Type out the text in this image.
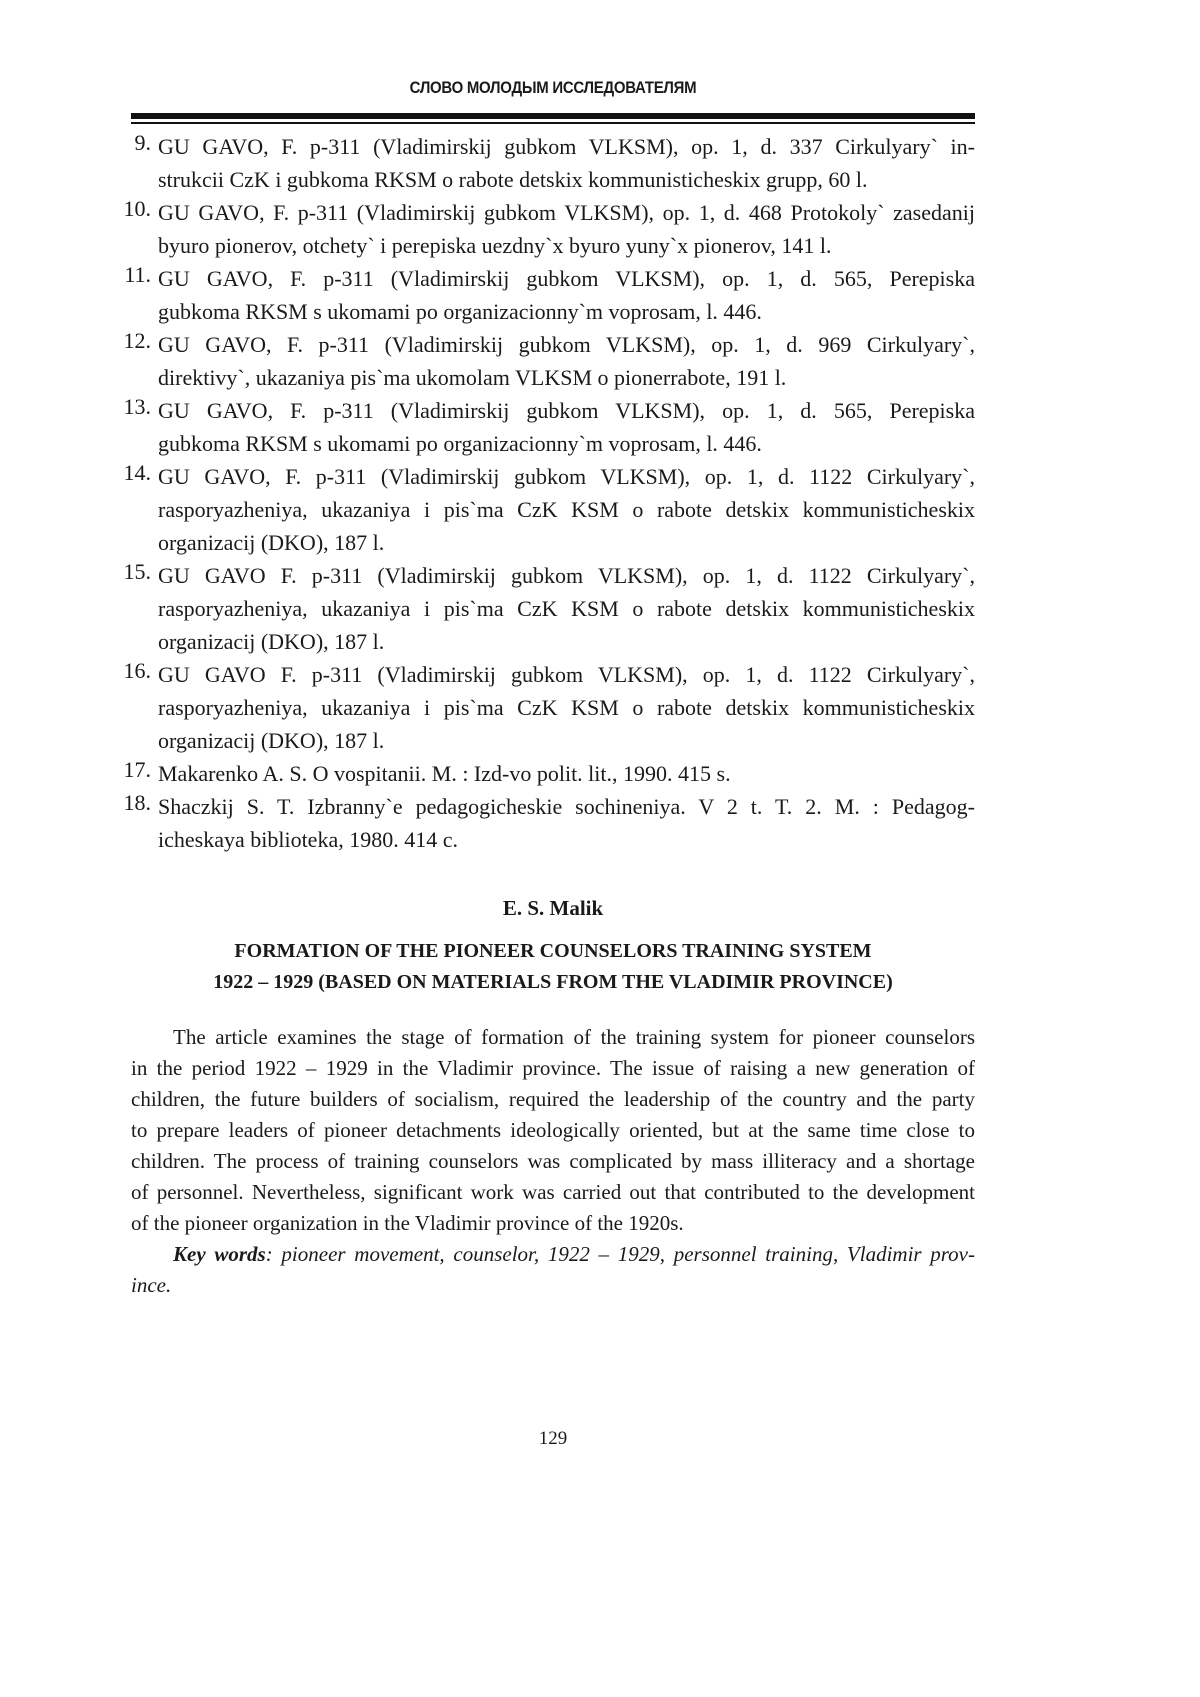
СЛОВО МОЛОДЫМ ИССЛЕДОВАТЕЛЯМ
9. GU GAVO, F. p-311 (Vladimirskij gubkom VLKSM), op. 1, d. 337 Cirkulyary` in-
strukcii CzK i gubkoma RKSM o rabote detskix kommunisticheskix grupp, 60 l.
10. GU GAVO, F. p-311 (Vladimirskij gubkom VLKSM), op. 1, d. 468 Protokoly` zasedanij
byuro pionerov, otchety` i perepiska uezdny`x byuro yuny`x pionerov, 141 l.
11. GU GAVO, F. p-311 (Vladimirskij gubkom VLKSM), op. 1, d. 565, Perepiska
gubkoma RKSM s ukomami po organizacionny`m voprosam, l. 446.
12. GU GAVO, F. p-311 (Vladimirskij gubkom VLKSM), op. 1, d. 969 Cirkulyary`,
direktivy`, ukazaniya pis`ma ukomolam VLKSM o pionerrabote, 191 l.
13. GU GAVO, F. p-311 (Vladimirskij gubkom VLKSM), op. 1, d. 565, Perepiska
gubkoma RKSM s ukomami po organizacionny`m voprosam, l. 446.
14. GU GAVO, F. p-311 (Vladimirskij gubkom VLKSM), op. 1, d. 1122 Cirkulyary`,
rasporyazheniya, ukazaniya i pis`ma CzK KSM o rabote detskix kommunisticheskix
organizacij (DKO), 187 l.
15. GU GAVO F. p-311 (Vladimirskij gubkom VLKSM), op. 1, d. 1122 Cirkulyary`,
rasporyazheniya, ukazaniya i pis`ma CzK KSM o rabote detskix kommunisticheskix
organizacij (DKO), 187 l.
16. GU GAVO F. p-311 (Vladimirskij gubkom VLKSM), op. 1, d. 1122 Cirkulyary`,
rasporyazheniya, ukazaniya i pis`ma CzK KSM o rabote detskix kommunisticheskix
organizacij (DKO), 187 l.
17. Makarenko A. S. O vospitanii. M. : Izd-vo polit. lit., 1990. 415 s.
18. Shaczkij S. T. Izbranny`e pedagogicheskie sochineniya. V 2 t. T. 2. M. : Pedagog-
icheskaya biblioteka, 1980. 414 с.
E. S. Malik
FORMATION OF THE PIONEER COUNSELORS TRAINING SYSTEM
1922 – 1929 (BASED ON MATERIALS FROM THE VLADIMIR PROVINCE)
The article examines the stage of formation of the training system for pioneer counselors
in the period 1922 – 1929 in the Vladimir province. The issue of raising a new generation of
children, the future builders of socialism, required the leadership of the country and the party
to prepare leaders of pioneer detachments ideologically oriented, but at the same time close to
children. The process of training counselors was complicated by mass illiteracy and a shortage
of personnel. Nevertheless, significant work was carried out that contributed to the development
of the pioneer organization in the Vladimir province of the 1920s.
Key words: pioneer movement, counselor, 1922 – 1929, personnel training, Vladimir prov-
ince.
129
